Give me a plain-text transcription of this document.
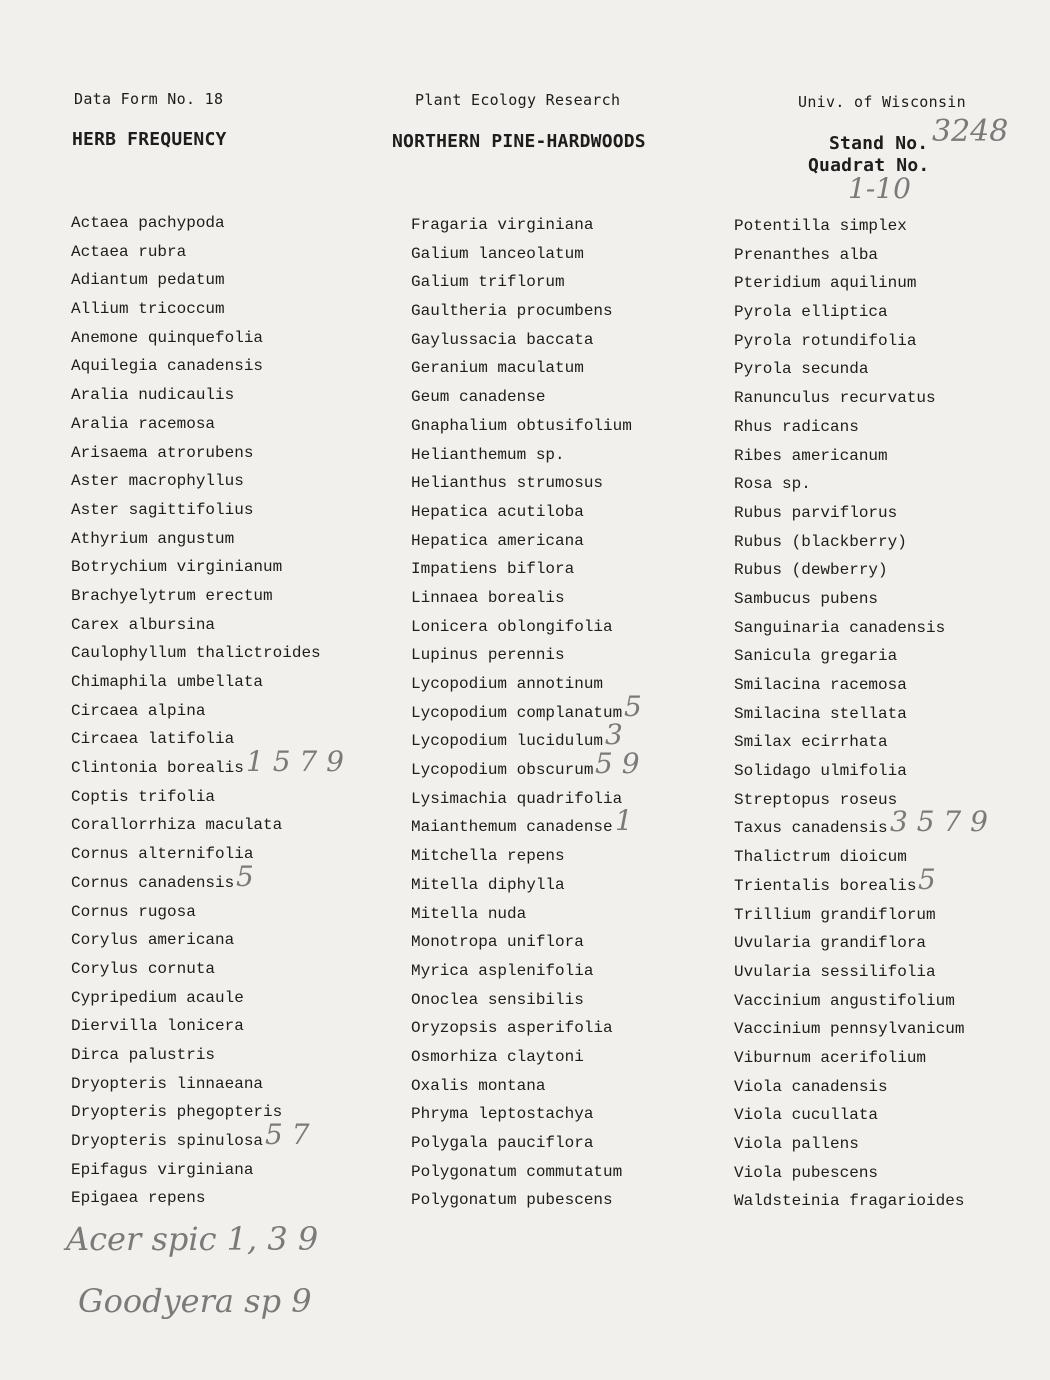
Data Form No. 18	Plant Ecology Research	Univ. of Wisconsin
HERB FREQUENCY	NORTHERN PINE-HARDWOODS	Stand No. 3248
Quadrat No.
1-10
Actaea pachypoda
Actaea rubra
Adiantum pedatum
Allium tricoccum
Anemone quinquefolia
Aquilegia canadensis
Aralia nudicaulis
Aralia racemosa
Arisaema atrorubens
Aster macrophyllus
Aster sagittifolius
Athyrium angustum
Botrychium virginianum
Brachyelytrum erectum
Carex albursina
Caulophyllum thalictroides
Chimaphila umbellata
Circaea alpina
Circaea latifolia
Clintonia borealis 1 5 7 9
Coptis trifolia
Corallorrhiza maculata
Cornus alternifolia
Cornus canadensis 5
Cornus rugosa
Corylus americana
Corylus cornuta
Cypripedium acaule
Diervilla lonicera
Dirca palustris
Dryopteris linnaeana
Dryopteris phegopteris
Dryopteris spinulosa 5 7
Epifagus virginiana
Epigaea repens
Fragaria virginiana
Galium lanceolatum
Galium triflorum
Gaultheria procumbens
Gaylussacia baccata
Geranium maculatum
Geum canadense
Gnaphalium obtusifolium
Helianthemum sp.
Helianthus strumosus
Hepatica acutiloba
Hepatica americana
Impatiens biflora
Linnaea borealis
Lonicera oblongifolia
Lupinus perennis
Lycopodium annotinum
Lycopodium complanatum 5
Lycopodium lucidulum 3
Lycopodium obscurum 5 9
Lysimachia quadrifolia
Maianthemum canadense 1
Mitchella repens
Mitella diphylla
Mitella nuda
Monotropa uniflora
Myrica asplenifolia
Onoclea sensibilis
Oryzopsis asperifolia
Osmorhiza claytoni
Oxalis montana
Phryma leptostachya
Polygala pauciflora
Polygonatum commutatum
Polygonatum pubescens
Potentilla simplex
Prenanthes alba
Pteridium aquilinum
Pyrola elliptica
Pyrola rotundifolia
Pyrola secunda
Ranunculus recurvatus
Rhus radicans
Ribes americanum
Rosa sp.
Rubus parviflorus
Rubus (blackberry)
Rubus (dewberry)
Sambucus pubens
Sanguinaria canadensis
Sanicula gregaria
Smilacina racemosa
Smilacina stellata
Smilax ecirrhata
Solidago ulmifolia
Streptopus roseus
Taxus canadensis 3 5 7 9
Thalictrum dioicum
Trientalis borealis 5
Trillium grandiflorum
Uvularia grandiflora
Uvularia sessilifolia
Vaccinium angustifolium
Vaccinium pennsylvanicum
Viburnum acerifolium
Viola canadensis
Viola cucullata
Viola pallens
Viola pubescens
Waldsteinia fragarioides
Acer spic 1, 3 9
Goodyera sp 9
